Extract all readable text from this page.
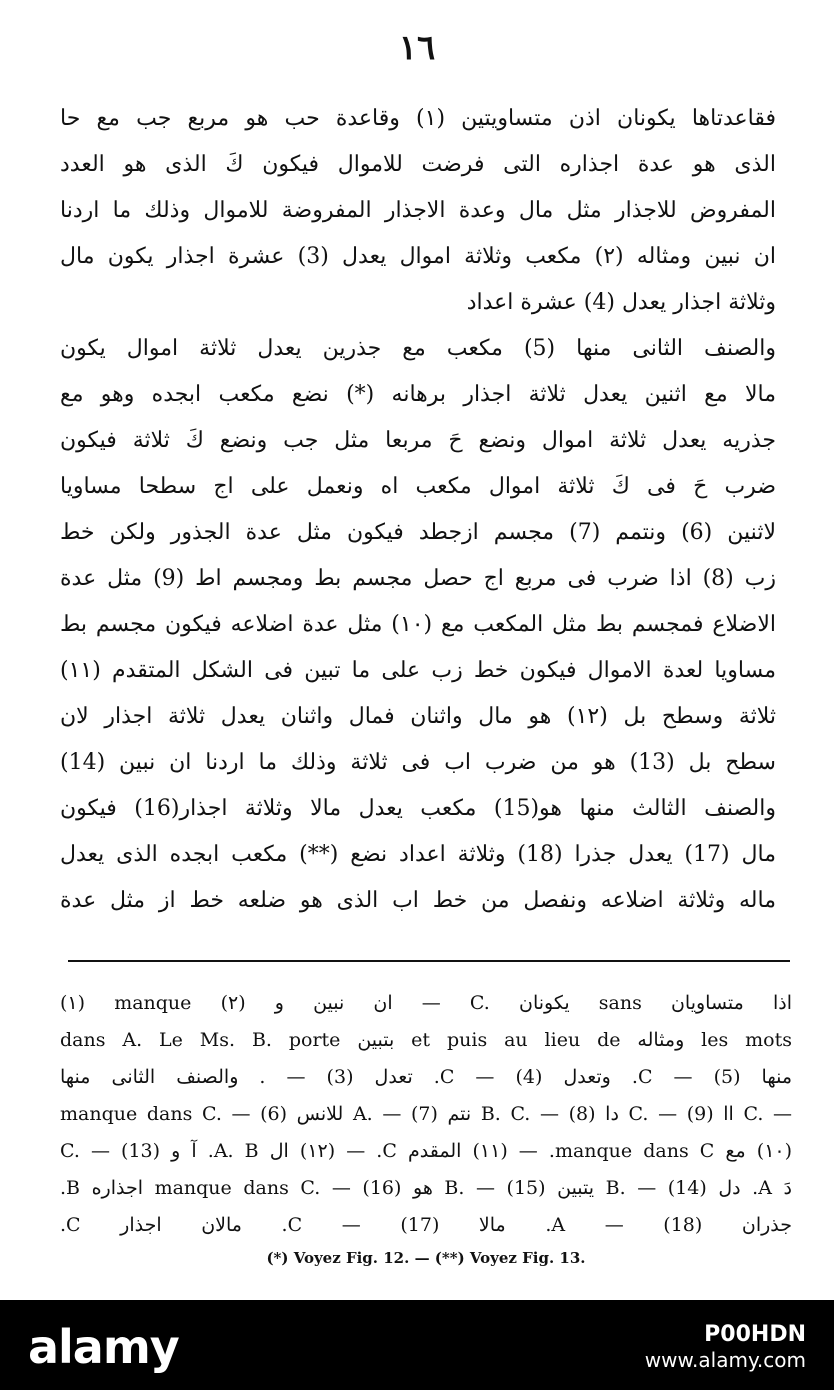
١٦
فقاعدتاها يكونان اذن متساويتين (١) وقاعدة حب هو مربع جب مع حا
الذى هو عدة اجذاره التى فرضت للاموال فيكون كَ الذى هو العدد
المفروض للاجذار مثل مال وعدة الاجذار المفروضة للاموال وذلك ما اردنا
ان نبين ومثاله (٢) مكعب وثلاثة اموال يعدل (3) عشرة اجذار يكون مال
وثلاثة اجذار يعدل (4) عشرة اعداد
والصنف الثانى منها (5) مكعب مع جذرين يعدل ثلاثة اموال يكون
مالا مع اثنين يعدل ثلاثة اجذار برهانه (*) نضع مكعب ابجده وهو مع
جذريه يعدل ثلاثة اموال ونضع حَ مربعا مثل جب ونضع كَ ثلاثة فيكون
ضرب حَ فى كَ ثلاثة اموال مكعب اه ونعمل على اج سطحا مساويا
لاثنين (6) ونتمم (7) مجسم ازجطد فيكون مثل عدة الجذور ولكن خط
زب (8) اذا ضرب فى مربع اج حصل مجسم بط ومجسم اط (9) مثل عدة
الاضلاع فمجسم بط مثل المكعب مع (١٠) مثل عدة اضلاعه فيكون مجسم بط
مساويا لعدة الاموال فيكون خط زب على ما تبين فى الشكل المتقدم (١١)
ثلاثة وسطح بل (١٢) هو مال واثنان فمال واثنان يعدل ثلاثة اجذار لان
سطح بل (13) هو من ضرب اب فى ثلاثة وذلك ما اردنا ان نبين (14)
والصنف الثالث منها هو(15) مكعب يعدل مالا وثلاثة اجذار(16) فيكون
مال (17) يعدل جذرا (18) وثلاثة اعداد نضع (**) مكعب ابجده الذى يعدل
ماله وثلاثة اضلاعه ونفصل من خط اب الذى هو ضلعه خط از مثل عدة
(١) manque ان نبين و (٢) — C. يكونان sans اذا متساويان
dans A. Le Ms. B. porte بتبين et puis au lieu de ومثاله les mots
منها (5) — C. وتعدل (4) — C. تعدل (3) — . والصنف الثانى منها
manque dans C. — (6) للانس A. — (7) نتم B. C. — (8) دا C. — (9) اا C. —
(١٠) مع manque dans C. — (١١) المقدم C. — (١٢) ال A. B. آ و C. — (13)
دَ A. دل B. — (14) يتبين B. — (15) هو manque dans C. — (16) اجذاره B.
جذران (18) — A. مالا (17) — C. مالان اجذار C.
(*) Voyez Fig. 12. — (**) Voyez Fig. 13.
alamy	P00HDN
www.alamy.com
